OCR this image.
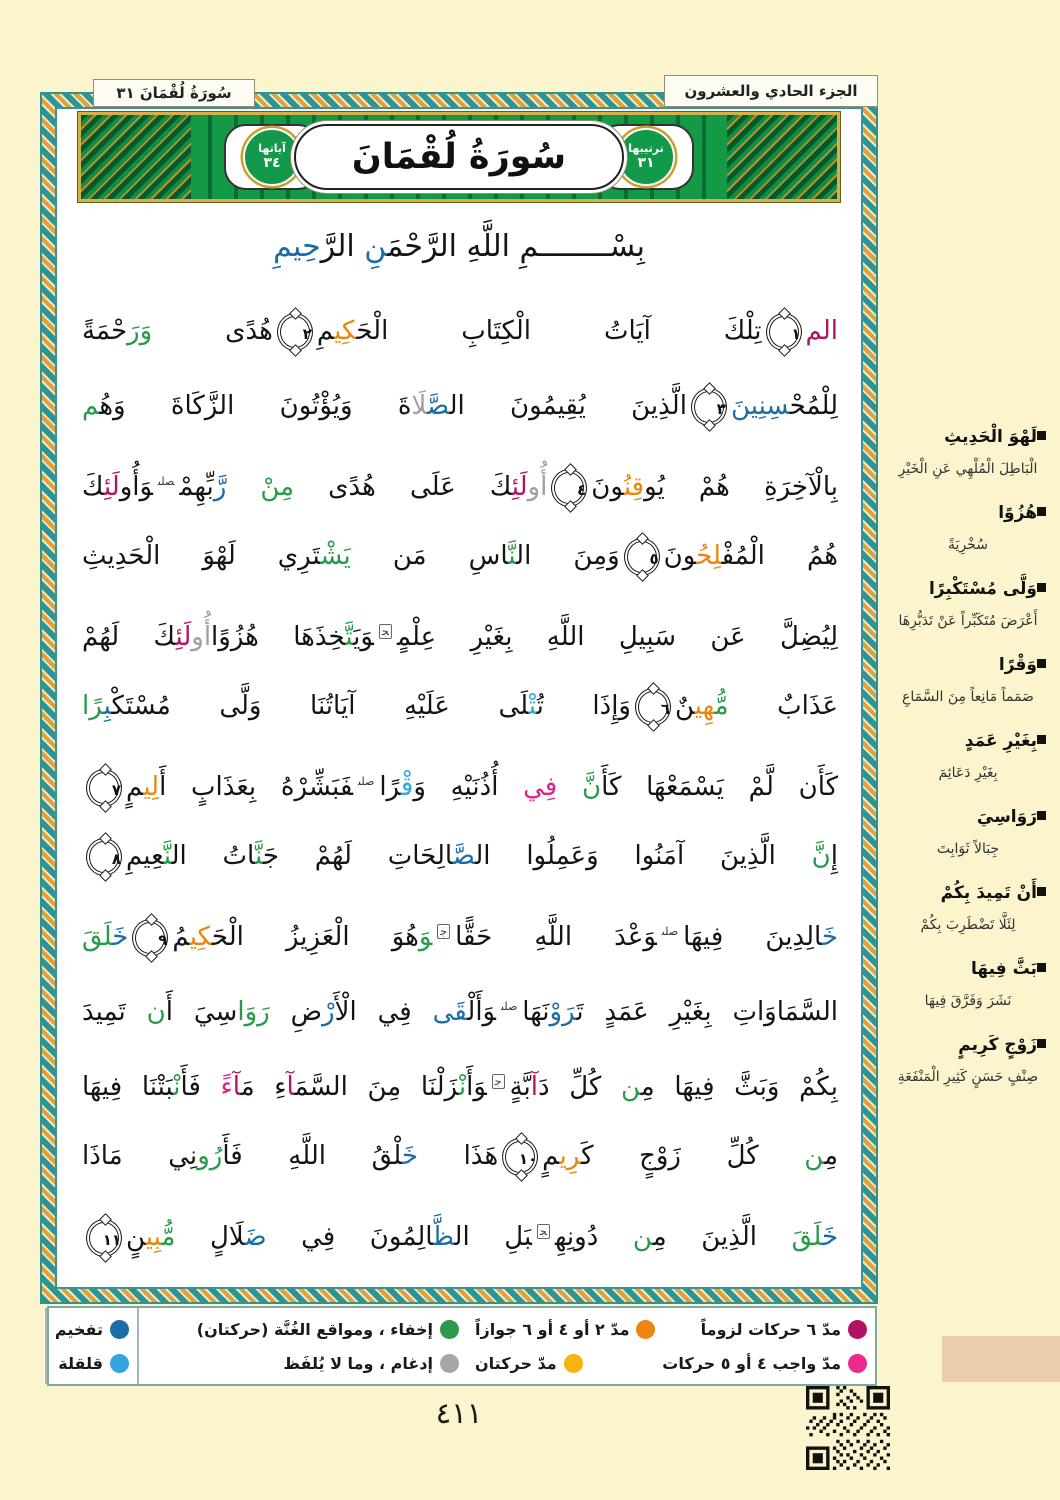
سُورَةُ لُقْمَانَ ٣١	الجزء الحادي والعشرون
آياتها
٣٤
ترتيبها
٣١
سُورَةُ لُقْمَانَ
بِسْــــــــمِ اللَّهِ الرَّحْمَ‍‍نِ الرَّحِيمِ
الم١تِلْكَ آيَاتُ الْكِتَابِ الْحَ‍‍كِي‍‍مِ٢هُدًى وَرَحْمَةً
لِلْمُحْ‍‍سِنِينَ٣الَّذِينَ يُقِيمُونَ ال‍‍صَّ‍‍لَاةَ وَيُؤْتُونَ الزَّكَاةَ وَهُ‍‍م
بِالْآخِرَةِ هُمْ يُوقِنُ‍‍ونَ٤أُولَئِ‍‍كَ عَلَى هُدًى مِنْ رَّبِّهِمْ$^{صلى}$وَأُولَئِ‍‍كَ
هُمُ الْمُفْ‍‍لِحُ‍‍ونَ٥وَمِنَ ال‍‍نَّ‍‍اسِ مَن يَشْ‍‍تَرِي لَهْوَ الْحَدِيثِ
لِيُضِلَّ عَن سَبِيلِ اللَّهِ بِغَيْرِ عِلْمٍ$^ج$وَيَ‍‍تَّ‍‍خِذَهَا هُزُوًاأُولَئِ‍‍كَ لَهُمْ
عَذَابٌ مُّ‍‍هِي‍‍نٌ٦وَإِذَا تُ‍‍تْ‍‍لَى عَلَيْهِ آيَاتُنَا وَلَّى مُسْتَكْ‍‍بِ‍‍رًا
كَأَن لَّمْ يَسْمَعْهَا كَأَنَّ فِي أُذُنَيْهِ وَقْ‍‍رًا$^{صلى}$فَبَشِّرْهُ بِعَذَابٍ أَلِي‍‍مٍ٧
إِنَّ الَّذِينَ آمَنُوا وَعَمِلُوا ال‍‍صَّ‍‍الِحَاتِ لَهُمْ جَ‍‍نَّ‍‍اتُ ال‍‍نَّ‍‍عِيمِ٨
خَ‍‍الِدِينَ فِيهَا$^{صلى}$وَعْدَ اللَّهِ حَقًّا$^ج$وَهُوَ الْعَزِيزُ الْحَ‍‍كِي‍‍مُ٩خَ‍‍لَقَ
السَّمَاوَاتِ بِغَيْرِ عَمَدٍ تَ‍‍رَوْنَهَا$^{صلى}$وَأَلْ‍‍قَى فِي الْأَرْضِ رَوَاسِيَ أَن تَمِيدَ
بِكُمْ وَبَثَّ فِيهَا مِ‍‍ن كُلِّ دَآبَّةٍ$^ج$وَأَنْ‍‍زَلْنَا مِنَ السَّمَ‍‍آءِ مَ‍‍آءً فَأَنْ‍‍بَتْنَا فِيهَا
مِ‍‍ن كُلِّ زَوْجٍ كَ‍‍رِي‍‍مٍ١٠هَذَا خَ‍‍لْقُ اللَّهِ فَأَرُونِي مَاذَا
خَ‍‍لَقَ الَّذِينَ مِ‍‍ن دُونِهِ$^ج$بَلِ ال‍‍ظَّ‍‍الِمُونَ فِي ضَ‍‍لَالٍ مُّ‍‍بِي‍‍نٍ١١
لَهْوَ الْحَدِيثِ
الْبَاطِلَ الْمُلْهِي عَنِ الْخَيْرِ
هُزُوًا
سُخْرِيَةً
وَلَّى مُسْتَكْبِرًا
أَعْرَضَ مُتَكَبِّراً عَنْ تَدَبُّرِهَا
وَقْرًا
صَمَماً مَانِعاً مِنَ السَّمَاعِ
بِغَيْرِ عَمَدٍ
بِغَيْرِ دَعَائِمَ
رَوَاسِيَ
جِبَالاً ثَوَابِتَ
أَنْ تَمِيدَ بِكُمْ
لِئَلَّا تَضْطَرِبَ بِكُمْ
بَثَّ فِيهَا
نَشَرَ وَفَرَّقَ فِيهَا
زَوْجٍ كَرِيمٍ
صِنْفٍ حَسَنٍ كَثِيرِ الْمَنْفَعَةِ
مدّ ٦ حركات لزوماً
مدّ ٢ أو ٤ أو ٦ جوازاً
مدّ واجب ٤ أو ٥ حركات
مدّ حركتان
إخفاء ، ومواقع الغُنَّة (حركتان)
إدغام ، وما لا يُلفَظ
تفخيم
قلقلة
٤١١
